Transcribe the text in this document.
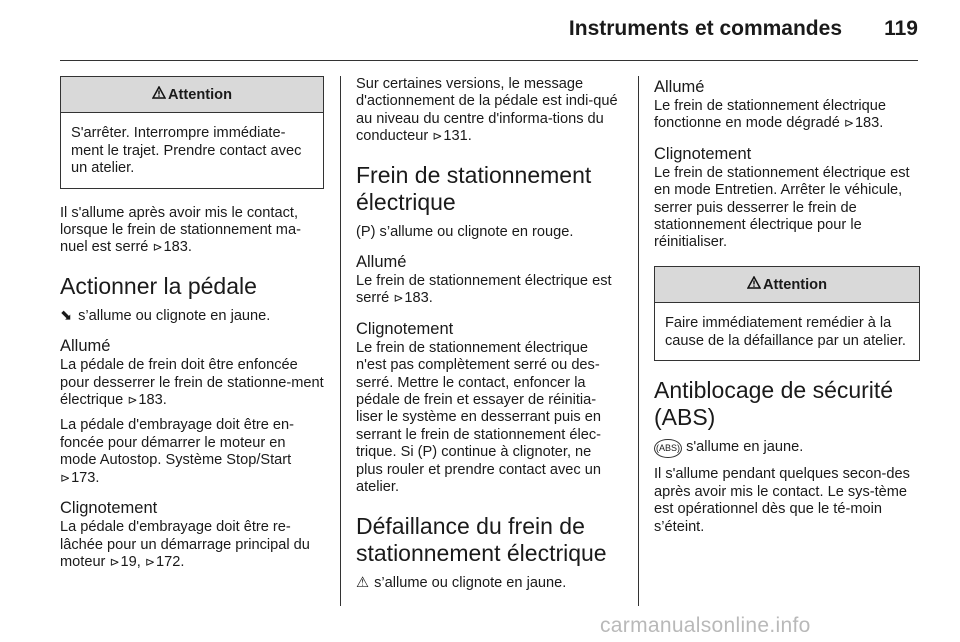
Instruments et commandes 119
Attention
S'arrêter. Interrompre immédiate-ment le trajet. Prendre contact avec un atelier.

Il s'allume après avoir mis le contact, lorsque le frein de stationnement ma-nuel est serré ⊳183.

Actionner la pédale

⬊ s’allume ou clignote en jaune.

Allumé

La pédale de frein doit être enfoncée pour desserrer le frein de stationne-ment électrique ⊳183.

La pédale d'embrayage doit être en-foncée pour démarrer le moteur en mode Autostop. Système Stop/Start ⊳173.

Clignotement

La pédale d'embrayage doit être re-lâchée pour un démarrage principal du moteur ⊳19, ⊳172.

Sur certaines versions, le message d'actionnement de la pédale est indi-qué au niveau du centre d'informa-tions du conducteur ⊳131.

Frein de stationnement électrique

(P) s’allume ou clignote en rouge.

Allumé

Le frein de stationnement électrique est serré ⊳183.

Clignotement

Le frein de stationnement électrique n'est pas complètement serré ou des-serré. Mettre le contact, enfoncer la pédale de frein et essayer de réinitia-liser le système en desserrant puis en serrant le frein de stationnement élec-trique. Si (P) continue à clignoter, ne plus rouler et prendre contact avec un atelier.

Défaillance du frein de stationnement électrique

⚠ s’allume ou clignote en jaune.

Allumé

Le frein de stationnement électrique fonctionne en mode dégradé ⊳183.

Clignotement

Le frein de stationnement électrique est en mode Entretien. Arrêter le véhicule, serrer puis desserrer le frein de stationnement électrique pour le réinitialiser.

Attention
Faire immédiatement remédier à la cause de la défaillance par un atelier.
Antiblocage de sécurité (ABS)

(ABS) s'allume en jaune.

Il s'allume pendant quelques secon-des après avoir mis le contact. Le sys-tème est opérationnel dès que le té-moin s’éteint.

carmanualsonline.info
